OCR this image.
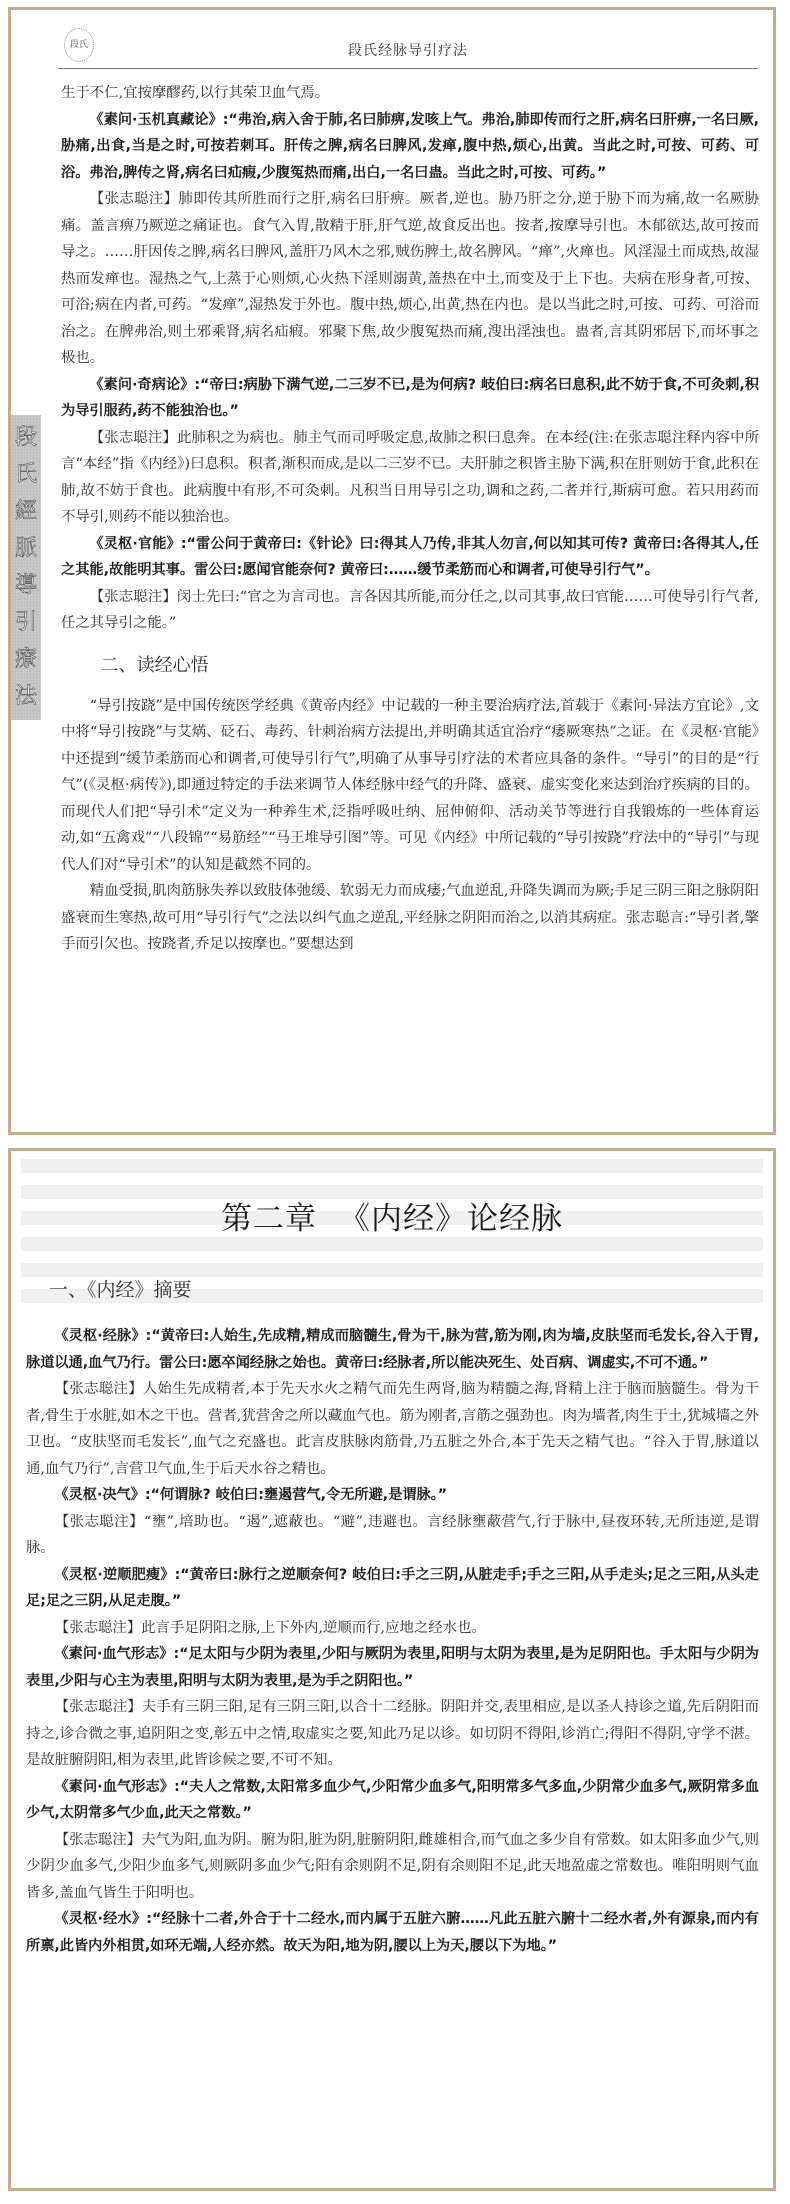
段氏	段氏经脉导引疗法
段
氏
經
脈
導
引
療
法

生于不仁,宜按摩醪药,以行其荣卫血气焉。

《素问·玉机真藏论》:“弗治,病入舍于肺,名曰肺痹,发咳上气。弗治,肺即传而行之肝,病名曰肝痹,一名曰厥,胁痛,出食,当是之时,可按若刺耳。肝传之脾,病名曰脾风,发瘅,腹中热,烦心,出黄。当此之时,可按、可药、可浴。弗治,脾传之肾,病名曰疝瘕,少腹冤热而痛,出白,一名曰蛊。当此之时,可按、可药。”

【张志聪注】肺即传其所胜而行之肝,病名曰肝痹。厥者,逆也。胁乃肝之分,逆于胁下而为痛,故一名厥胁痛。盖言痹乃厥逆之痛证也。食气入胃,散精于肝,肝气逆,故食反出也。按者,按摩导引也。木郁欲达,故可按而导之。……肝因传之脾,病名曰脾风,盖肝乃风木之邪,贼伤脾土,故名脾风。“瘅”,火瘅也。风淫湿土而成热,故湿热而发瘅也。湿热之气,上蒸于心则烦,心火热下淫则溺黄,盖热在中土,而变及于上下也。夫病在形身者,可按、可浴;病在内者,可药。“发瘅”,湿热发于外也。腹中热,烦心,出黄,热在内也。是以当此之时,可按、可药、可浴而治之。在脾弗治,则土邪乘肾,病名疝瘕。邪聚下焦,故少腹冤热而痛,溲出淫浊也。蛊者,言其阴邪居下,而坏事之极也。

《素问·奇病论》:“帝曰:病胁下满气逆,二三岁不已,是为何病? 岐伯曰:病名曰息积,此不妨于食,不可灸刺,积为导引服药,药不能独治也。”

【张志聪注】此肺积之为病也。肺主气而司呼吸定息,故肺之积曰息奔。在本经(注:在张志聪注释内容中所言“本经”指《内经》)曰息积。积者,渐积而成,是以二三岁不已。夫肝肺之积皆主胁下满,积在肝则妨于食,此积在肺,故不妨于食也。此病腹中有形,不可灸刺。凡积当日用导引之功,调和之药,二者并行,斯病可愈。若只用药而不导引,则药不能以独治也。

《灵枢·官能》:“雷公问于黄帝曰:《针论》曰:得其人乃传,非其人勿言,何以知其可传? 黄帝曰:各得其人,任之其能,故能明其事。雷公曰:愿闻官能奈何? 黄帝曰:……缓节柔筋而心和调者,可使导引行气”。

【张志聪注】闵士先曰:“官之为言司也。言各因其所能,而分任之,以司其事,故曰官能……可使导引行气者,任之其导引之能。”

二、读经心悟

“导引按跷”是中国传统医学经典《黄帝内经》中记载的一种主要治病疗法,首载于《素问·异法方宜论》,文中将“导引按跷”与艾焫、砭石、毒药、针刺治病方法提出,并明确其适宜治疗“痿厥寒热”之证。在《灵枢·官能》中还提到“缓节柔筋而心和调者,可使导引行气”,明确了从事导引疗法的术者应具备的条件。“导引”的目的是“行气”(《灵枢·病传》),即通过特定的手法来调节人体经脉中经气的升降、盛衰、虚实变化来达到治疗疾病的目的。而现代人们把“导引术”定义为一种养生术,泛指呼吸吐纳、屈伸俯仰、活动关节等进行自我锻炼的一些体育运动,如“五禽戏”“八段锦”“易筋经”“马王堆导引图”等。可见《内经》中所记载的“导引按跷”疗法中的“导引”与现代人们对“导引术”的认知是截然不同的。

精血受损,肌肉筋脉失养以致肢体弛缓、软弱无力而成痿;气血逆乱,升降失调而为厥;手足三阴三阳之脉阴阳盛衰而生寒热,故可用“导引行气”之法以纠气血之逆乱,平经脉之阴阳而治之,以消其病症。张志聪言:“导引者,擎手而引欠也。按跷者,乔足以按摩也。”要想达到

第二章 《内经》论经脉
一、《内经》摘要

《灵枢·经脉》:“黄帝曰:人始生,先成精,精成而脑髓生,骨为干,脉为营,筋为刚,肉为墙,皮肤坚而毛发长,谷入于胃,脉道以通,血气乃行。雷公曰:愿卒闻经脉之始也。黄帝曰:经脉者,所以能决死生、处百病、调虚实,不可不通。”

【张志聪注】人始生先成精者,本于先天水火之精气而先生两肾,脑为精髓之海,肾精上注于脑而脑髓生。骨为干者,骨生于水脏,如木之干也。营者,犹营舍之所以藏血气也。筋为刚者,言筋之强劲也。肉为墙者,肉生于土,犹城墙之外卫也。“皮肤坚而毛发长”,血气之充盛也。此言皮肤脉肉筋骨,乃五脏之外合,本于先天之精气也。“谷入于胃,脉道以通,血气乃行”,言营卫气血,生于后天水谷之精也。

《灵枢·决气》:“何谓脉? 岐伯曰:壅遏营气,令无所避,是谓脉。”

【张志聪注】“壅”,培助也。“遏”,遮蔽也。“避”,违避也。言经脉壅蔽营气,行于脉中,昼夜环转,无所违逆,是谓脉。

《灵枢·逆顺肥瘦》:“黄帝曰:脉行之逆顺奈何? 岐伯曰:手之三阴,从脏走手;手之三阳,从手走头;足之三阳,从头走足;足之三阴,从足走腹。”

【张志聪注】此言手足阴阳之脉,上下外内,逆顺而行,应地之经水也。

《素问·血气形志》:“足太阳与少阴为表里,少阳与厥阴为表里,阳明与太阴为表里,是为足阴阳也。手太阳与少阴为表里,少阳与心主为表里,阳明与太阴为表里,是为手之阴阳也。”

【张志聪注】夫手有三阴三阳,足有三阴三阳,以合十二经脉。阴阳并交,表里相应,是以圣人持诊之道,先后阴阳而持之,诊合微之事,追阴阳之变,彰五中之情,取虚实之要,知此乃足以诊。如切阴不得阳,诊消亡;得阳不得阴,守学不湛。是故脏腑阴阳,相为表里,此皆诊候之要,不可不知。

《素问·血气形志》:“夫人之常数,太阳常多血少气,少阳常少血多气,阳明常多气多血,少阴常少血多气,厥阴常多血少气,太阴常多气少血,此天之常数。”

【张志聪注】夫气为阳,血为阴。腑为阳,脏为阴,脏腑阴阳,雌雄相合,而气血之多少自有常数。如太阳多血少气,则少阴少血多气,少阳少血多气,则厥阴多血少气;阳有余则阴不足,阴有余则阳不足,此天地盈虚之常数也。唯阳明则气血皆多,盖血气皆生于阳明也。

《灵枢·经水》:“经脉十二者,外合于十二经水,而内属于五脏六腑……凡此五脏六腑十二经水者,外有源泉,而内有所禀,此皆内外相贯,如环无端,人经亦然。故天为阳,地为阴,腰以上为天,腰以下为地。”
